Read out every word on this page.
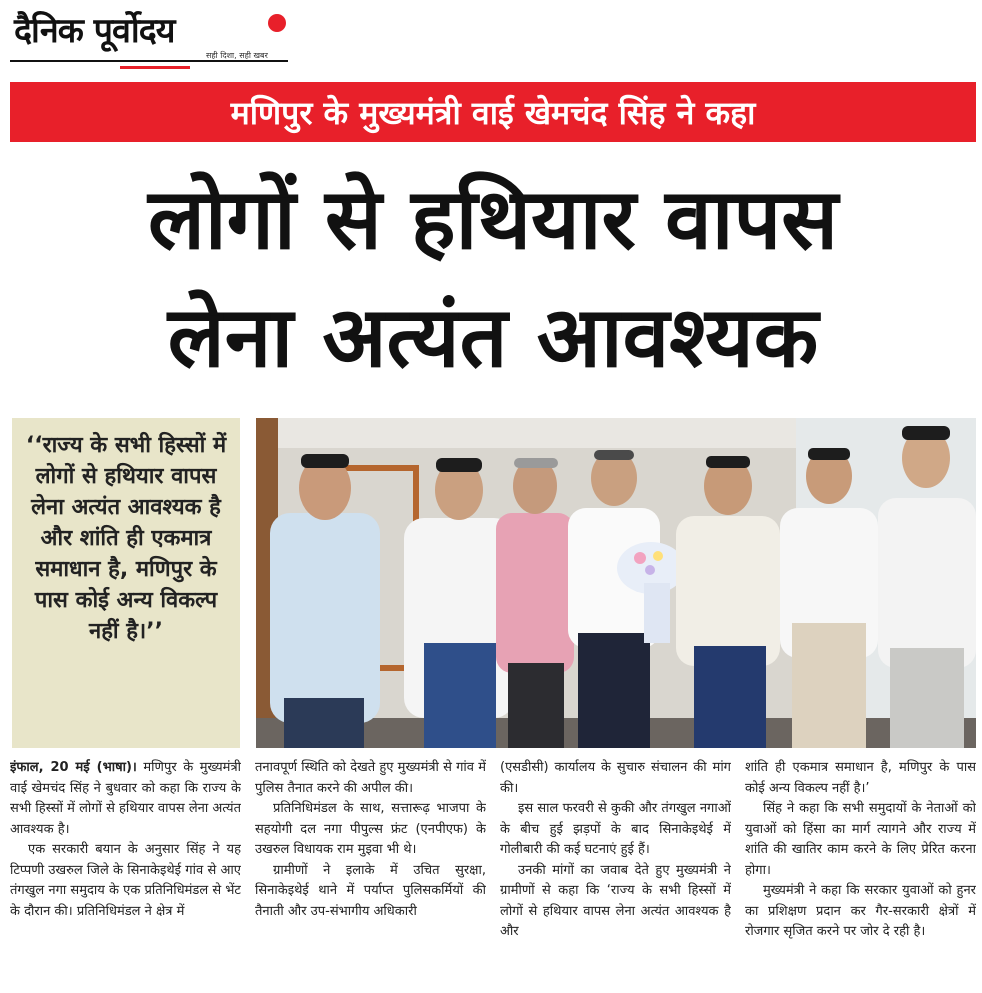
दैनिक पूर्वोदय
सही दिशा, सही खबर
मणिपुर के मुख्यमंत्री वाई खेमचंद सिंह ने कहा
लोगों से हथियार वापस
लेना अत्यंत आवश्यक
‘‘राज्य के सभी हिस्सों में लोगों से हथियार वापस लेना अत्यंत आवश्यक है और शांति ही एकमात्र समाधान है, मणिपुर के पास कोई अन्य विकल्प नहीं है।’’

इंफाल, 20 मई (भाषा)। मणिपुर के मुख्यमंत्री वाई खेमचंद सिंह ने बुधवार को कहा कि राज्य के सभी हिस्सों में लोगों से हथियार वापस लेना अत्यंत आवश्यक है।

एक सरकारी बयान के अनुसार सिंह ने यह टिप्पणी उखरुल जिले के सिनाकेइथेई गांव से आए तंगखुल नगा समुदाय के एक प्रतिनिधिमंडल से भेंट के दौरान की। प्रतिनिधिमंडल ने क्षेत्र में

तनावपूर्ण स्थिति को देखते हुए मुख्यमंत्री से गांव में पुलिस तैनात करने की अपील की।

प्रतिनिधिमंडल के साथ, सत्तारूढ़ भाजपा के सहयोगी दल नगा पीपुल्स फ्रंट (एनपीएफ) के उखरुल विधायक राम मुइवा भी थे।

ग्रामीणों ने इलाके में उचित सुरक्षा, सिनाकेइथेई थाने में पर्याप्त पुलिसकर्मियों की तैनाती और उप-संभागीय अधिकारी

(एसडीसी) कार्यालय के सुचारु संचालन की मांग की।

इस साल फरवरी से कुकी और तंगखुल नगाओं के बीच हुई झड़पों के बाद सिनाकेइथेई में गोलीबारी की कई घटनाएं हुई हैं।

उनकी मांगों का जवाब देते हुए मुख्यमंत्री ने ग्रामीणों से कहा कि ‘राज्य के सभी हिस्सों में लोगों से हथियार वापस लेना अत्यंत आवश्यक है और

शांति ही एकमात्र समाधान है, मणिपुर के पास कोई अन्य विकल्प नहीं है।’

सिंह ने कहा कि सभी समुदायों के नेताओं को युवाओं को हिंसा का मार्ग त्यागने और राज्य में शांति की खातिर काम करने के लिए प्रेरित करना होगा।

मुख्यमंत्री ने कहा कि सरकार युवाओं को हुनर का प्रशिक्षण प्रदान कर गैर-सरकारी क्षेत्रों में रोजगार सृजित करने पर जोर दे रही है।
